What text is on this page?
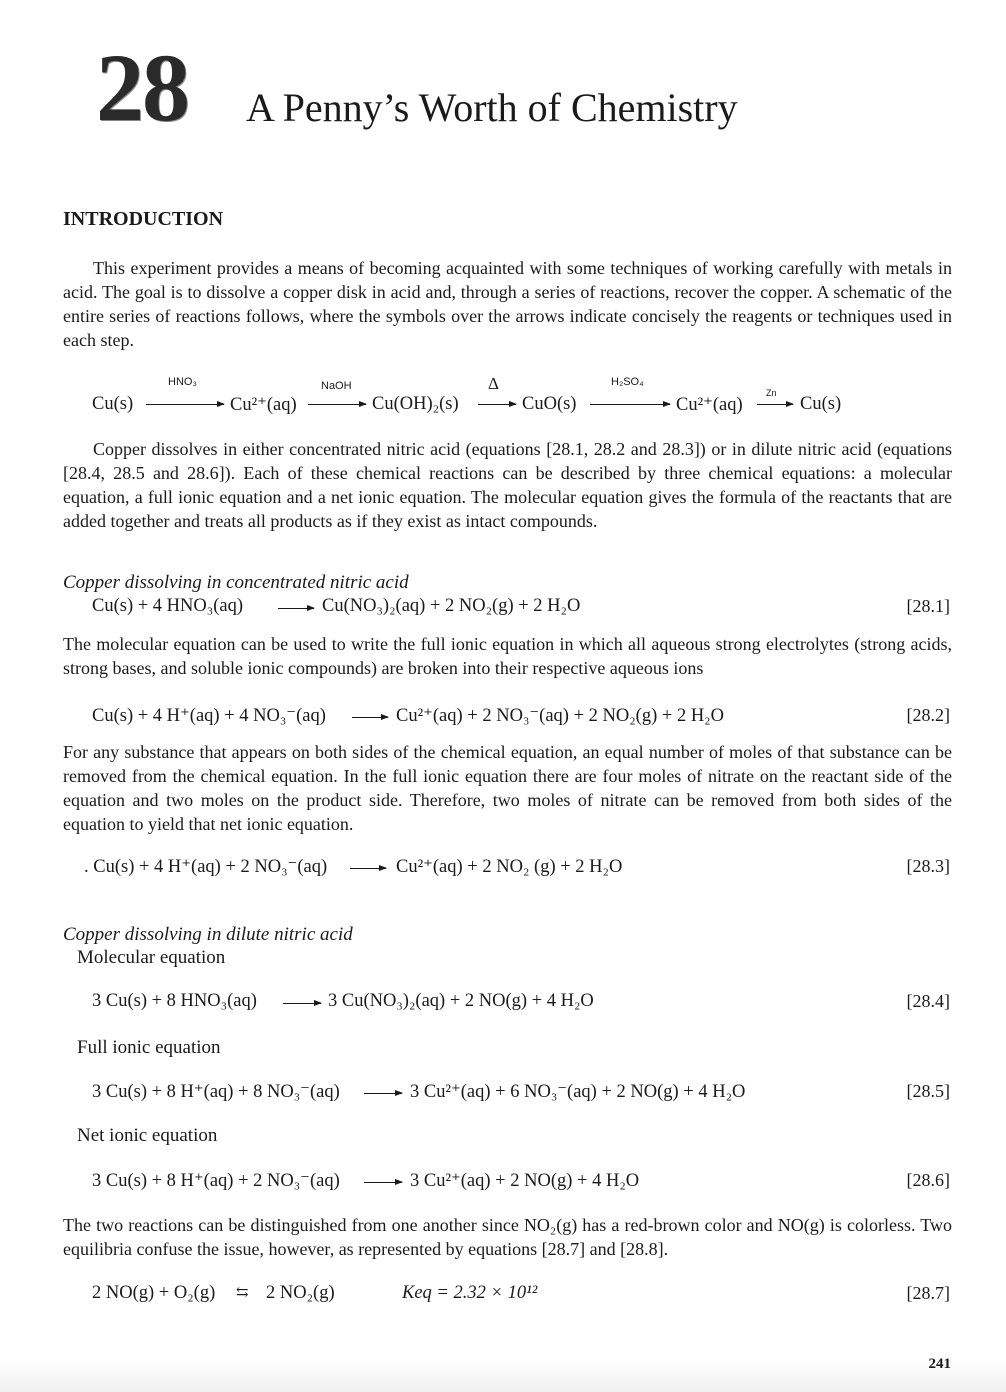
28 A Penny’s Worth of Chemistry
INTRODUCTION
This experiment provides a means of becoming acquainted with some techniques of working carefully with metals in acid. The goal is to dissolve a copper disk in acid and, through a series of reactions, recover the copper. A schematic of the entire series of reactions follows, where the symbols over the arrows indicate concisely the reagents or techniques used in each step.
Cu(s)
HNO₃
Cu²⁺(aq)
NaOH
→ Cu(OH)₂(s)
Δ
→ CuO(s)
H₂SO₄
Cu²⁺(aq)
Zn
→ Cu(s)
Copper dissolves in either concentrated nitric acid (equations [28.1, 28.2 and 28.3]) or in dilute nitric acid (equations [28.4, 28.5 and 28.6]). Each of these chemical reactions can be described by three chemical equations: a molecular equation, a full ionic equation and a net ionic equation. The molecular equation gives the formula of the reactants that are added together and treats all products as if they exist as intact compounds.
Copper dissolving in concentrated nitric acid
Cu(s) + 4 HNO₃(aq) → Cu(NO₃)₂(aq) + 2 NO₂(g) + 2 H₂O	[28.1]
The molecular equation can be used to write the full ionic equation in which all aqueous strong electrolytes (strong acids, strong bases, and soluble ionic compounds) are broken into their respective aqueous ions
Cu(s) + 4 H⁺(aq) + 4 NO₃⁻(aq) → Cu²⁺(aq) + 2 NO₃⁻(aq) + 2 NO₂(g) + 2 H₂O	[28.2]
For any substance that appears on both sides of the chemical equation, an equal number of moles of that substance can be removed from the chemical equation. In the full ionic equation there are four moles of nitrate on the reactant side of the equation and two moles on the product side. Therefore, two moles of nitrate can be removed from both sides of the equation to yield that net ionic equation.
. Cu(s) + 4 H⁺(aq) + 2 NO₃⁻(aq) → Cu²⁺(aq) + 2 NO₂ (g) + 2 H₂O	[28.3]
Copper dissolving in dilute nitric acid
Molecular equation
3 Cu(s) + 8 HNO₃(aq) → 3 Cu(NO₃)₂(aq) + 2 NO(g) + 4 H₂O	[28.4]
Full ionic equation
3 Cu(s) + 8 H⁺(aq) + 8 NO₃⁻(aq) → 3 Cu²⁺(aq) + 6 NO₃⁻(aq) + 2 NO(g) + 4 H₂O	[28.5]
Net ionic equation
3 Cu(s) + 8 H⁺(aq) + 2 NO₃⁻(aq) → 3 Cu²⁺(aq) + 2 NO(g) + 4 H₂O	[28.6]
The two reactions can be distinguished from one another since NO₂(g) has a red-brown color and NO(g) is colorless. Two equilibria confuse the issue, however, as represented by equations [28.7] and [28.8].
2 NO(g) + O₂(g) ⇆ 2 NO₂(g)	Keq = 2.32 × 10¹²	[28.7]
241
